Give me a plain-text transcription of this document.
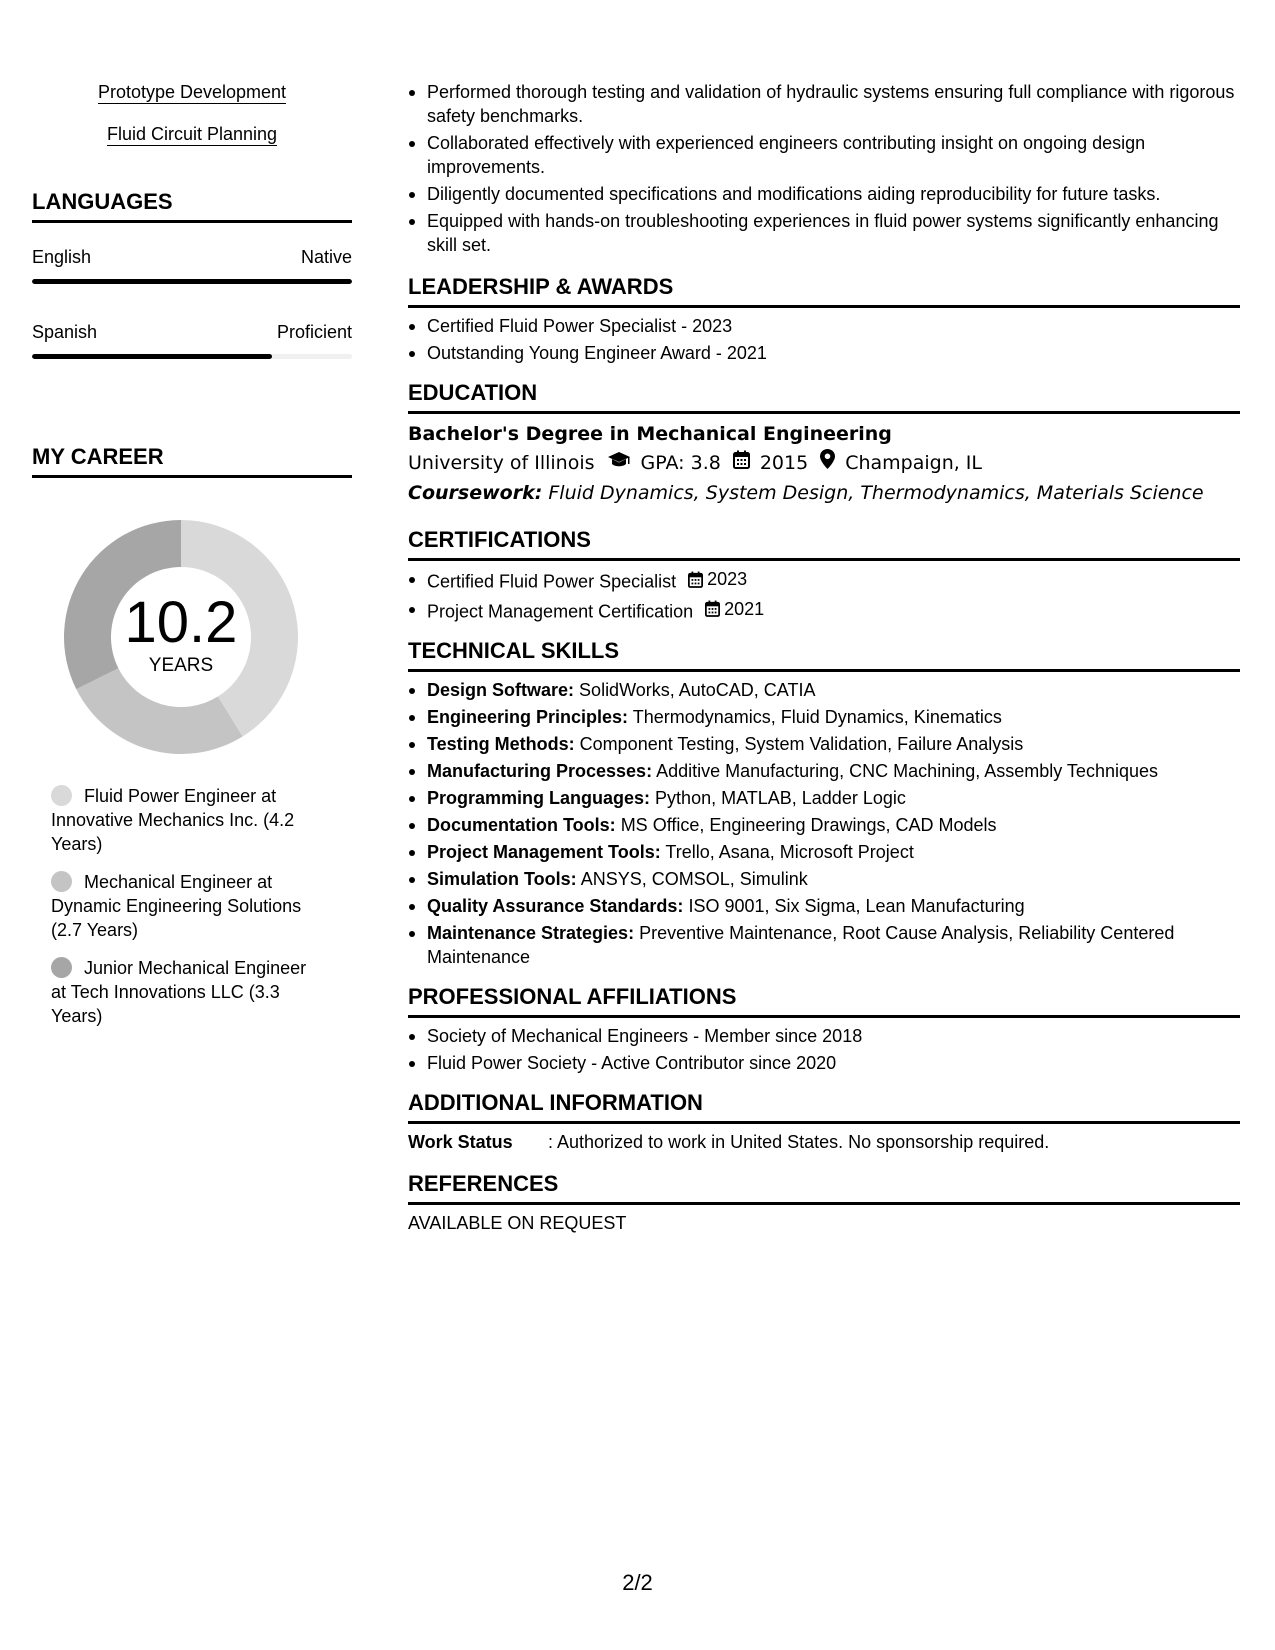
Prototype Development
Fluid Circuit Planning
LANGUAGES
English	Native
Spanish	Proficient
MY CAREER
10.2
YEARS
Fluid Power Engineer at Innovative Mechanics Inc. (4.2 Years)
Mechanical Engineer at Dynamic Engineering Solutions (2.7 Years)
Junior Mechanical Engineer at Tech Innovations LLC (3.3 Years)
Performed thorough testing and validation of hydraulic systems ensuring full compliance with rigorous safety benchmarks.
Collaborated effectively with experienced engineers contributing insight on ongoing design improvements.
Diligently documented specifications and modifications aiding reproducibility for future tasks.
Equipped with hands-on troubleshooting experiences in fluid power systems significantly enhancing skill set.
LEADERSHIP & AWARDS
Certified Fluid Power Specialist - 2023
Outstanding Young Engineer Award - 2021
EDUCATION
Bachelor's Degree in Mechanical Engineering
University of Illinois GPA: 3.8 2015 Champaign, IL
Coursework: Fluid Dynamics, System Design, Thermodynamics, Materials Science
CERTIFICATIONS
Certified Fluid Power Specialist 2023
Project Management Certification 2021
TECHNICAL SKILLS
Design Software: SolidWorks, AutoCAD, CATIA
Engineering Principles: Thermodynamics, Fluid Dynamics, Kinematics
Testing Methods: Component Testing, System Validation, Failure Analysis
Manufacturing Processes: Additive Manufacturing, CNC Machining, Assembly Techniques
Programming Languages: Python, MATLAB, Ladder Logic
Documentation Tools: MS Office, Engineering Drawings, CAD Models
Project Management Tools: Trello, Asana, Microsoft Project
Simulation Tools: ANSYS, COMSOL, Simulink
Quality Assurance Standards: ISO 9001, Six Sigma, Lean Manufacturing
Maintenance Strategies: Preventive Maintenance, Root Cause Analysis, Reliability Centered Maintenance
PROFESSIONAL AFFILIATIONS
Society of Mechanical Engineers - Member since 2018
Fluid Power Society - Active Contributor since 2020
ADDITIONAL INFORMATION
Work Status	: Authorized to work in United States. No sponsorship required.
REFERENCES
AVAILABLE ON REQUEST
2/2
